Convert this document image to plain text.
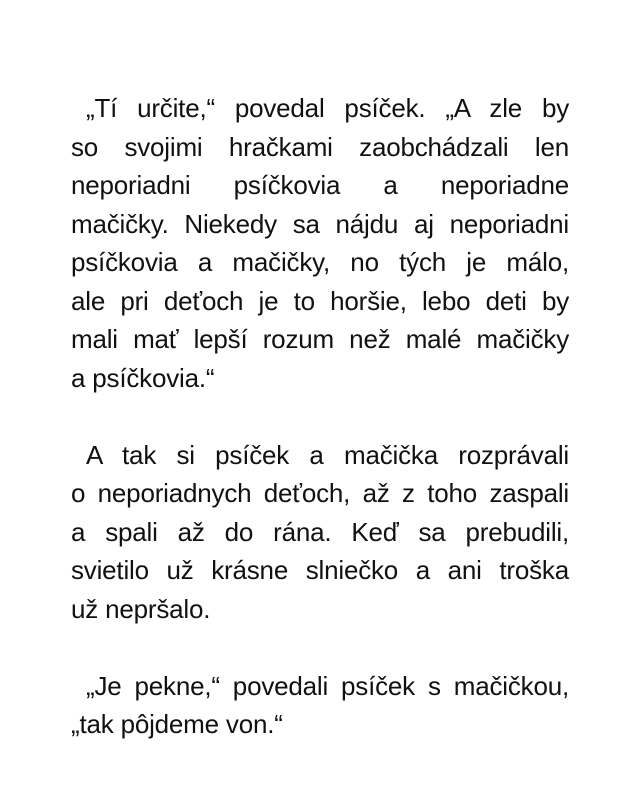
„Tí určite,“ povedal psíček. „A zle by
so svojimi hračkami zaobchádzali len
neporiadni psíčkovia a neporiadne
mačičky. Niekedy sa nájdu aj neporiadni
psíčkovia a mačičky, no tých je málo,
ale pri deťoch je to horšie, lebo deti by
mali mať lepší rozum než malé mačičky
a psíčkovia.“
A tak si psíček a mačička rozprávali
o neporiadnych deťoch, až z toho zaspali
a spali až do rána. Keď sa prebudili,
svietilo už krásne slniečko a ani troška
už nepršalo.
„Je pekne,“ povedali psíček s mačičkou,
„tak pôjdeme von.“
